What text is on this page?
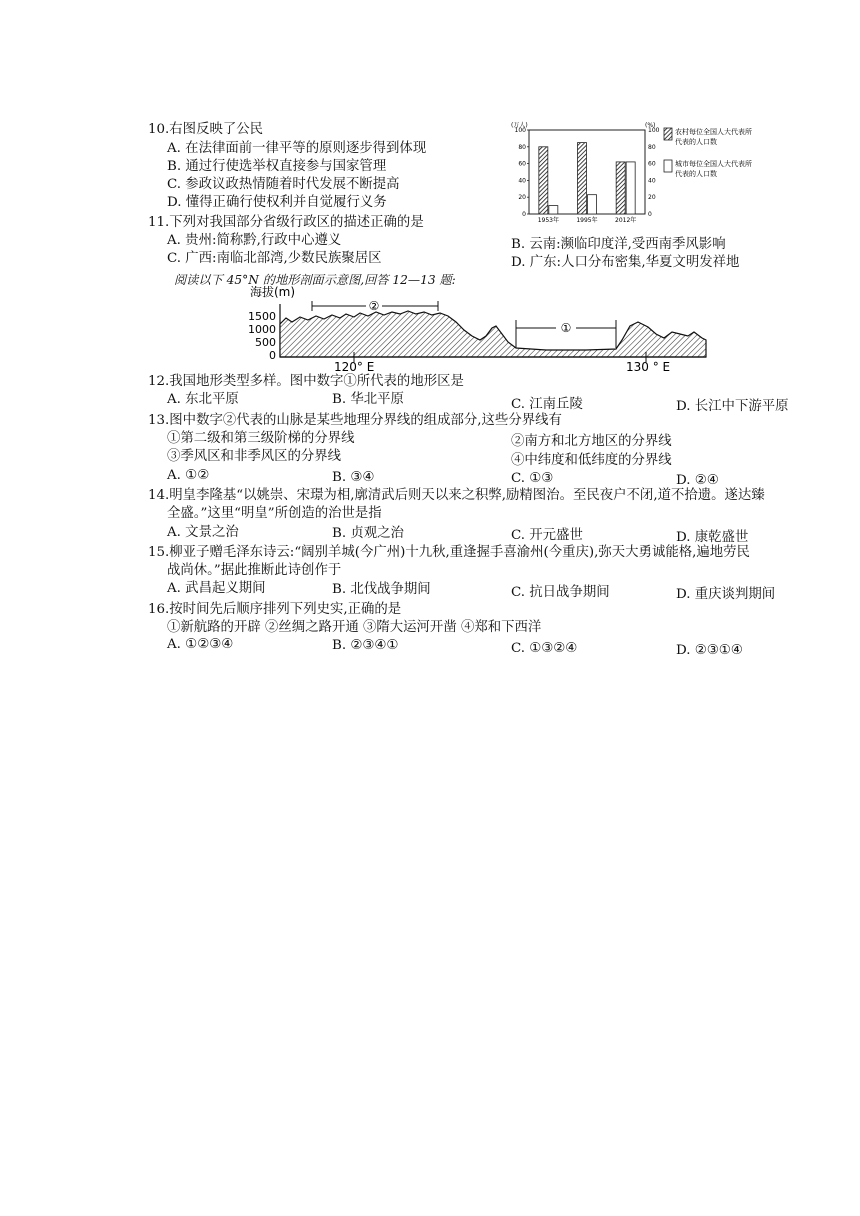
10.右图反映了公民
A. 在法律面前一律平等的原则逐步得到体现
B. 通过行使选举权直接参与国家管理
C. 参政议政热情随着时代发展不断提高
D. 懂得正确行使权利并自觉履行义务
(万人)	(%)
100
80
60
40
20
0
100
80
60
40
20
0
1953年	1995年	2012年
农村每位全国人大代表所
代表的人口数
城市每位全国人大代表所
代表的人口数
11.下列对我国部分省级行政区的描述正确的是
A. 贵州:简称黔,行政中心遵义	B. 云南:濒临印度洋,受西南季风影响
C. 广西:南临北部湾,少数民族聚居区	D. 广东:人口分布密集,华夏文明发祥地
阅读以下 45°N 的地形剖面示意图,回答 12—13 题:
海拔(m)
1500
1000
500
0
②
①
120° E	130 ° E
12.我国地形类型多样。图中数字①所代表的地形区是
A. 东北平原	B. 华北平原	C. 江南丘陵	D. 长江中下游平原
13.图中数字②代表的山脉是某些地理分界线的组成部分,这些分界线有
①第二级和第三级阶梯的分界线	②南方和北方地区的分界线
③季风区和非季风区的分界线	④中纬度和低纬度的分界线
A. ①②	B. ③④	C. ①③	D. ②④
14.明皇李隆基“以姚崇、宋璟为相,廓清武后则天以来之积弊,励精图治。至民夜户不闭,道不拾遗。遂达臻
全盛。”这里“明皇”所创造的治世是指
A. 文景之治	B. 贞观之治	C. 开元盛世	D. 康乾盛世
15.柳亚子赠毛泽东诗云:“阔别羊城(今广州)十九秋,重逢握手喜渝州(今重庆),弥天大勇诚能格,遍地劳民
战尚休。”据此推断此诗创作于
A. 武昌起义期间	B. 北伐战争期间	C. 抗日战争期间	D. 重庆谈判期间
16.按时间先后顺序排列下列史实,正确的是
①新航路的开辟 ②丝绸之路开通 ③隋大运河开凿 ④郑和下西洋
A. ①②③④	B. ②③④①	C. ①③②④	D. ②③①④
